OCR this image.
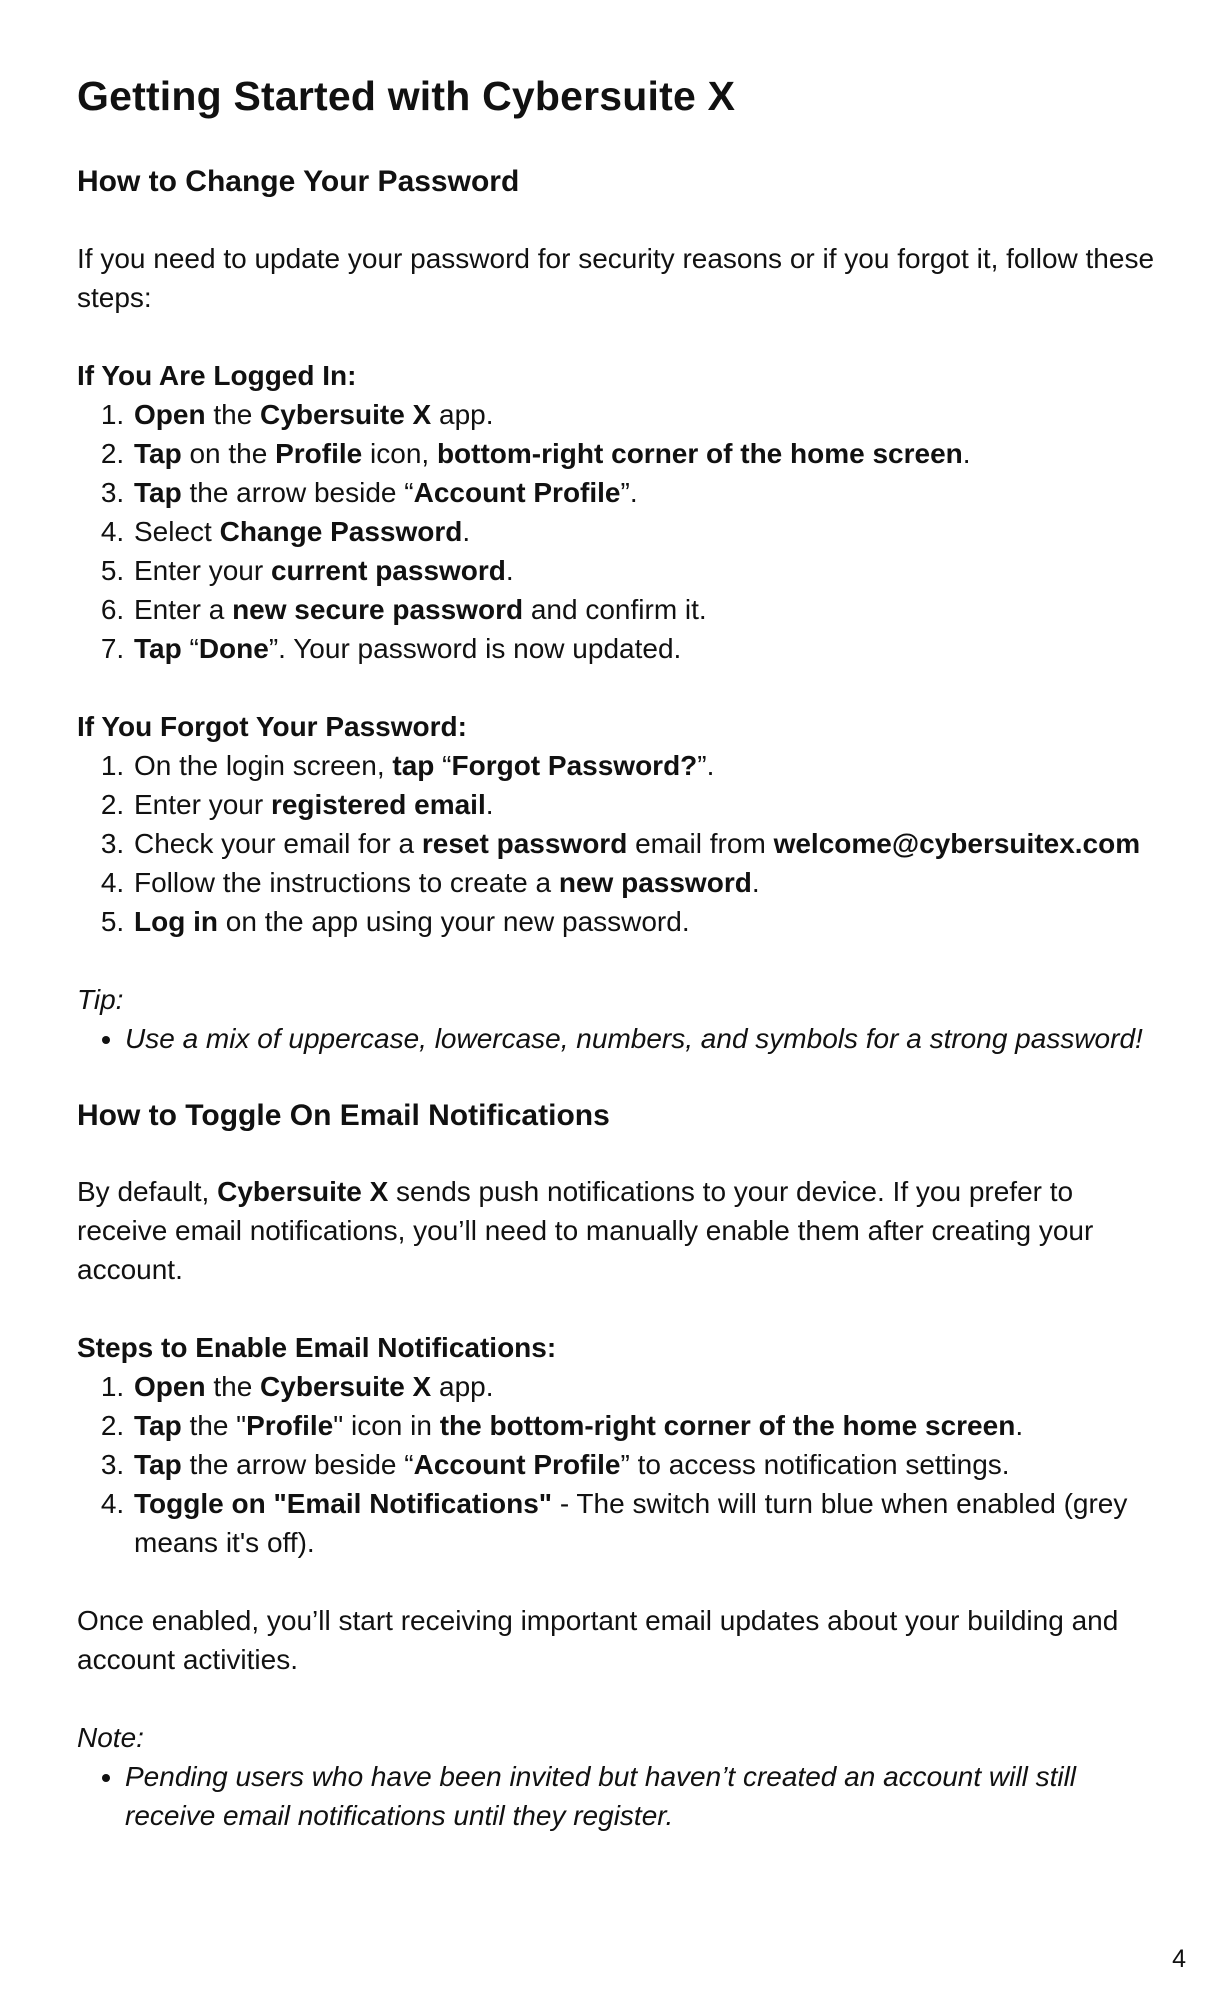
Getting Started with Cybersuite X
How to Change Your Password

If you need to update your password for security reasons or if you forgot it, follow these steps:

If You Are Logged In:
1. Open the Cybersuite X app.
2. Tap on the Profile icon, bottom-right corner of the home screen.
3. Tap the arrow beside “Account Profile”.
4. Select Change Password.
5. Enter your current password.
6. Enter a new secure password and confirm it.
7. Tap “Done”. Your password is now updated.
If You Forgot Your Password:
1. On the login screen, tap “Forgot Password?”.
2. Enter your registered email.
3. Check your email for a reset password email from welcome@cybersuitex.com
4. Follow the instructions to create a new password.
5. Log in on the app using your new password.
Tip:
• Use a mix of uppercase, lowercase, numbers, and symbols for a strong password!
How to Toggle On Email Notifications

By default, Cybersuite X sends push notifications to your device. If you prefer to receive email notifications, you’ll need to manually enable them after creating your account.

Steps to Enable Email Notifications:
1. Open the Cybersuite X app.
2. Tap the "Profile" icon in the bottom-right corner of the home screen.
3. Tap the arrow beside “Account Profile” to access notification settings.
4. Toggle on "Email Notifications" - The switch will turn blue when enabled (grey means it's off).

Once enabled, you’ll start receiving important email updates about your building and account activities.

Note:
• Pending users who have been invited but haven’t created an account will still receive email notifications until they register.
4
